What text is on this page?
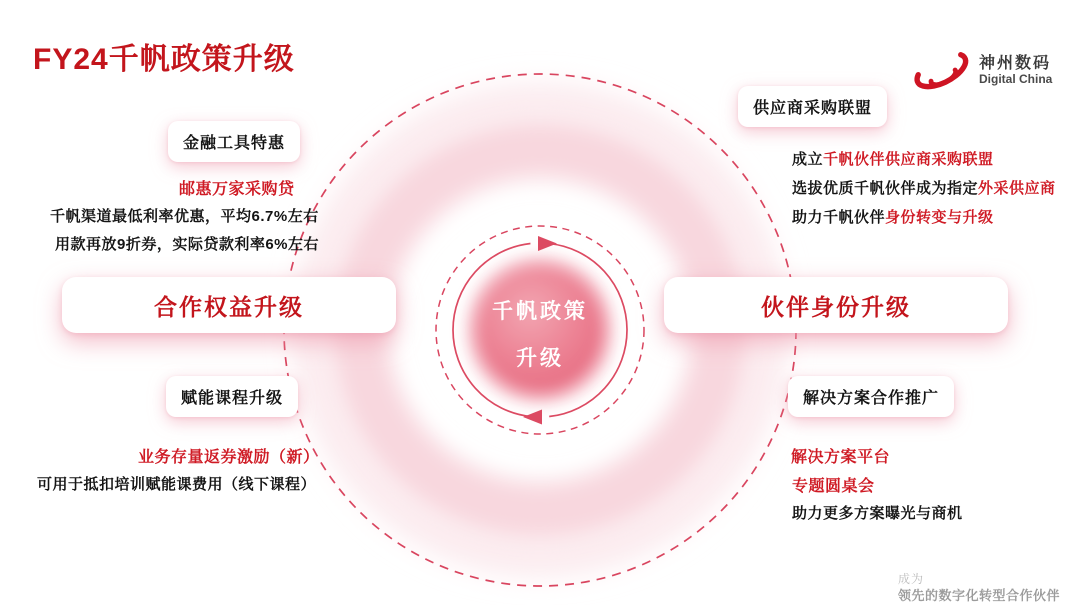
FY24千帆政策升级	神州数码
Digital China
千帆政策
升级
金融工具特惠
邮惠万家采购贷
千帆渠道最低利率优惠，平均6.7%左右
用款再放9折券，实际贷款利率6%左右
合作权益升级
赋能课程升级
业务存量返券激励（新）
可用于抵扣培训赋能课费用（线下课程）
供应商采购联盟
成立千帆伙伴供应商采购联盟
选拔优质千帆伙伴成为指定外采供应商
助力千帆伙伴身份转变与升级
伙伴身份升级
解决方案合作推广
解决方案平台
专题圆桌会
助力更多方案曝光与商机
成为
领先的数字化转型合作伙伴
